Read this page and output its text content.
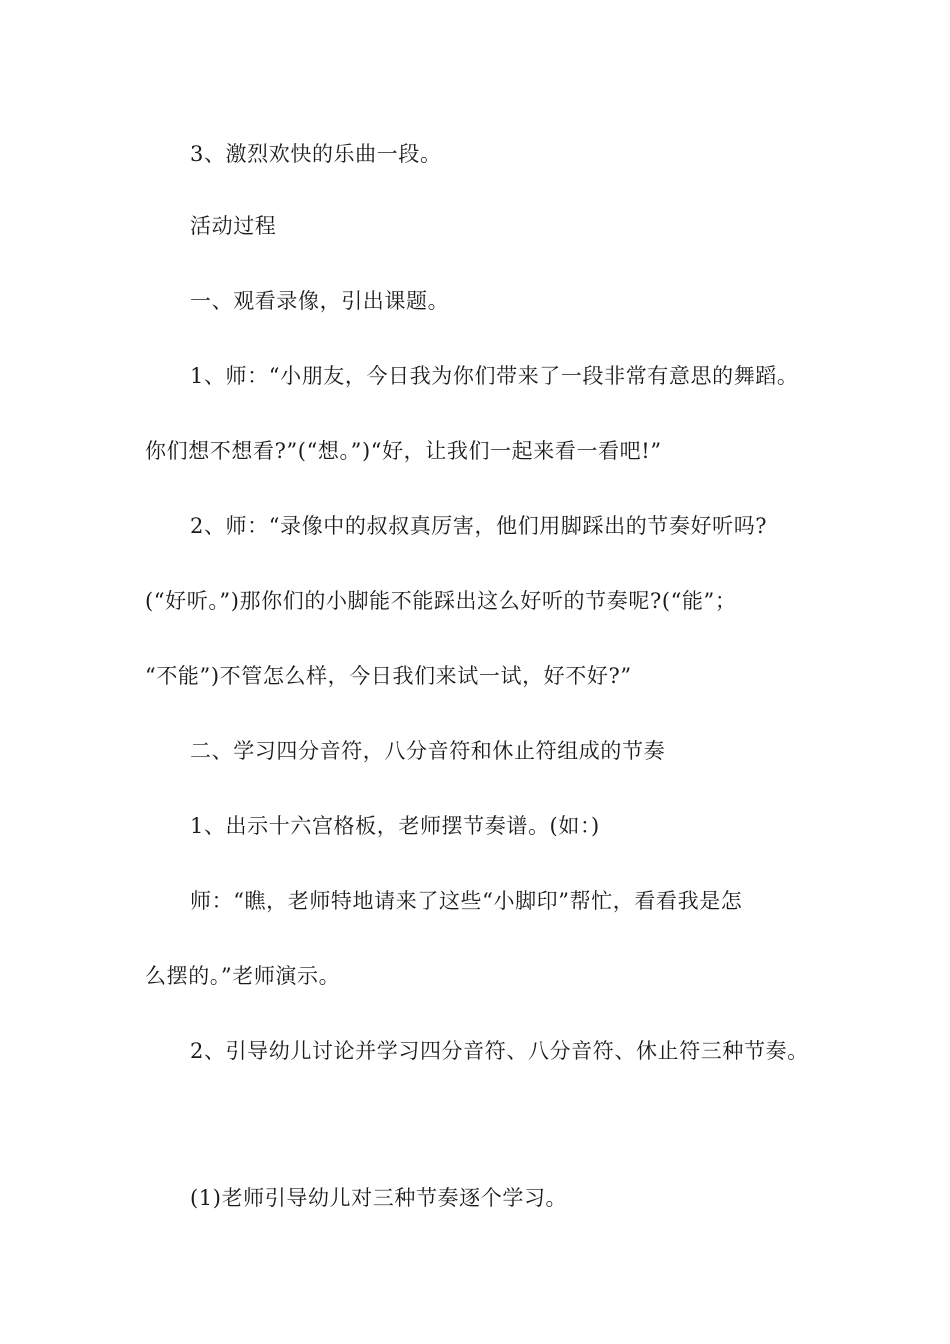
3、激烈欢快的乐曲一段。
活动过程
一、观看录像，引出课题。
1、师：“小朋友，今日我为你们带来了一段非常有意思的舞蹈。
你们想不想看?”(“想。”)“好，让我们一起来看一看吧!”
2、师：“录像中的叔叔真厉害，他们用脚踩出的节奏好听吗?
(“好听。”)那你们的小脚能不能踩出这么好听的节奏呢?(“能”；
“不能”)不管怎么样，今日我们来试一试，好不好?”
二、学习四分音符，八分音符和休止符组成的节奏
1、出示十六宫格板，老师摆节奏谱。(如：)
师：“瞧，老师特地请来了这些“小脚印”帮忙，看看我是怎
么摆的。”老师演示。
2、引导幼儿讨论并学习四分音符、八分音符、休止符三种节奏。
(1)老师引导幼儿对三种节奏逐个学习。
